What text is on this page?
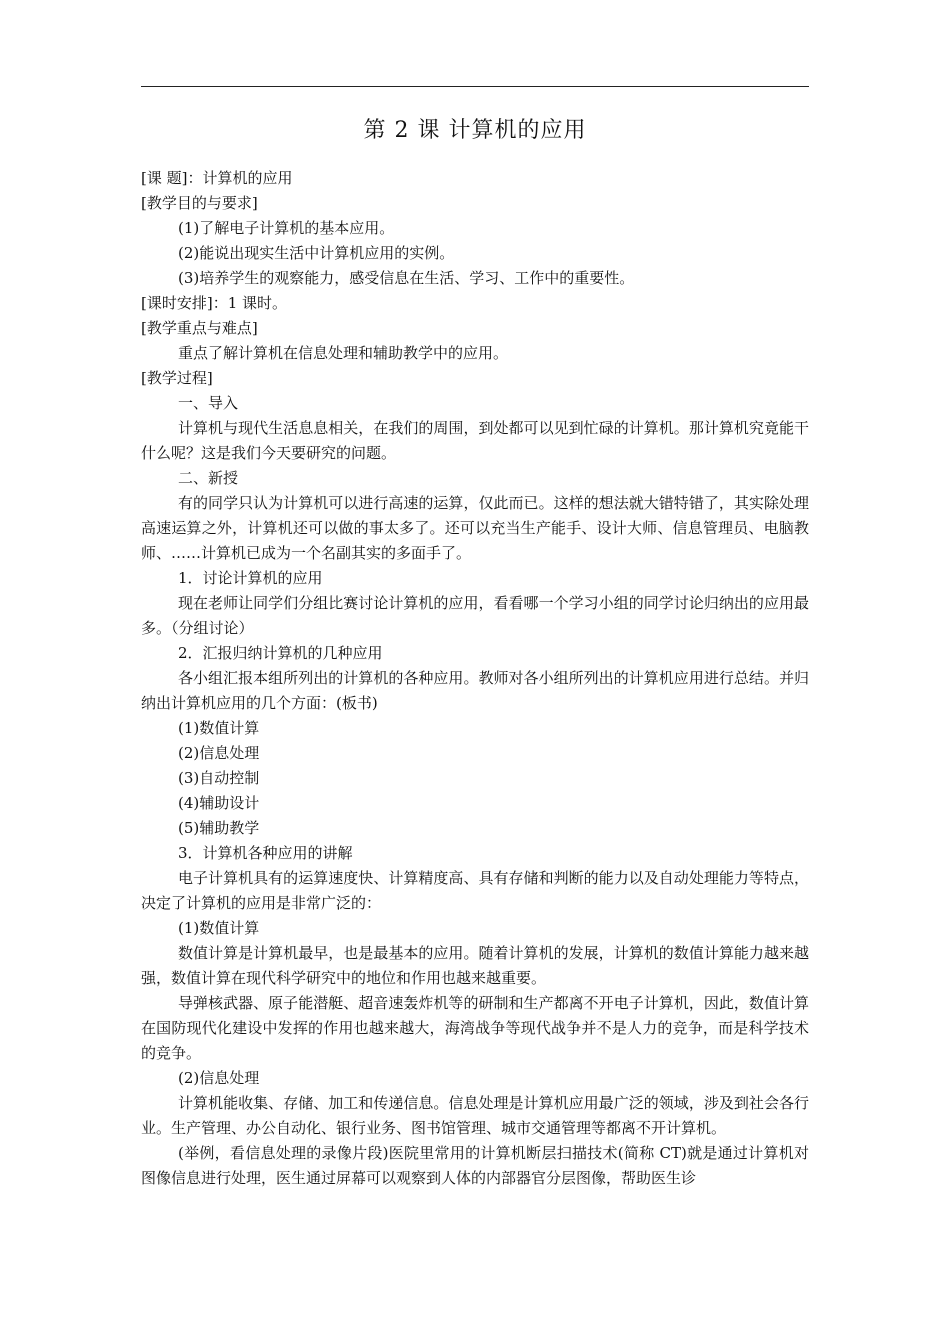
第 2 课 计算机的应用
[课 题]：计算机的应用
[教学目的与要求]
(1)了解电子计算机的基本应用。
(2)能说出现实生活中计算机应用的实例。
(3)培养学生的观察能力，感受信息在生活、学习、工作中的重要性。
[课时安排]：1 课时。
[教学重点与难点]
重点了解计算机在信息处理和辅助教学中的应用。
[教学过程]
一、导入
计算机与现代生活息息相关，在我们的周围，到处都可以见到忙碌的计算机。那计算机究竟能干什么呢？这是我们今天要研究的问题。
二、新授
有的同学只认为计算机可以进行高速的运算，仅此而已。这样的想法就大错特错了，其实除处理高速运算之外，计算机还可以做的事太多了。还可以充当生产能手、设计大师、信息管理员、电脑教师、……计算机已成为一个名副其实的多面手了。
1．讨论计算机的应用
现在老师让同学们分组比赛讨论计算机的应用，看看哪一个学习小组的同学讨论归纳出的应用最多。（分组讨论）
2．汇报归纳计算机的几种应用
各小组汇报本组所列出的计算机的各种应用。教师对各小组所列出的计算机应用进行总结。并归纳出计算机应用的几个方面：(板书)
(1)数值计算
(2)信息处理
(3)自动控制
(4)辅助设计
(5)辅助教学
3．计算机各种应用的讲解
电子计算机具有的运算速度快、计算精度高、具有存储和判断的能力以及自动处理能力等特点，决定了计算机的应用是非常广泛的：
(1)数值计算
数值计算是计算机最早，也是最基本的应用。随着计算机的发展，计算机的数值计算能力越来越强，数值计算在现代科学研究中的地位和作用也越来越重要。
导弹核武器、原子能潜艇、超音速轰炸机等的研制和生产都离不开电子计算机，因此，数值计算在国防现代化建设中发挥的作用也越来越大，海湾战争等现代战争并不是人力的竞争，而是科学技术的竞争。
(2)信息处理
计算机能收集、存储、加工和传递信息。信息处理是计算机应用最广泛的领域，涉及到社会各行业。生产管理、办公自动化、银行业务、图书馆管理、城市交通管理等都离不开计算机。
(举例，看信息处理的录像片段)医院里常用的计算机断层扫描技术(简称 CT)就是通过计算机对图像信息进行处理，医生通过屏幕可以观察到人体的内部器官分层图像，帮助医生诊
